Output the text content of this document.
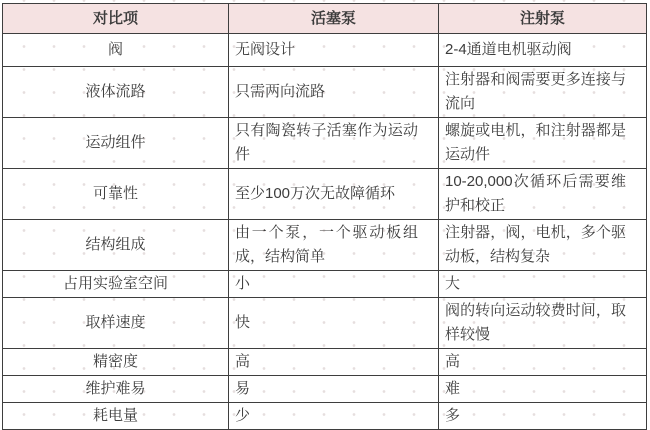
对比项	活塞泵	注射泵
阀	无阀设计	2-4通道电机驱动阀
液体流路	只需两向流路	注射器和阀需要更多连接与流向
运动组件	只有陶瓷转子活塞作为运动件	螺旋或电机，和注射器都是运动件
可靠性	至少100万次无故障循环	10-20,000次循环后需要维护和校正
结构组成	由一个泵，一个驱动板组成，结构简单	注射器，阀，电机，多个驱动板，结构复杂
占用实验室空间	小	大
取样速度	快	阀的转向运动较费时间，取样较慢
精密度	高	高
维护难易	易	难
耗电量	少	多
